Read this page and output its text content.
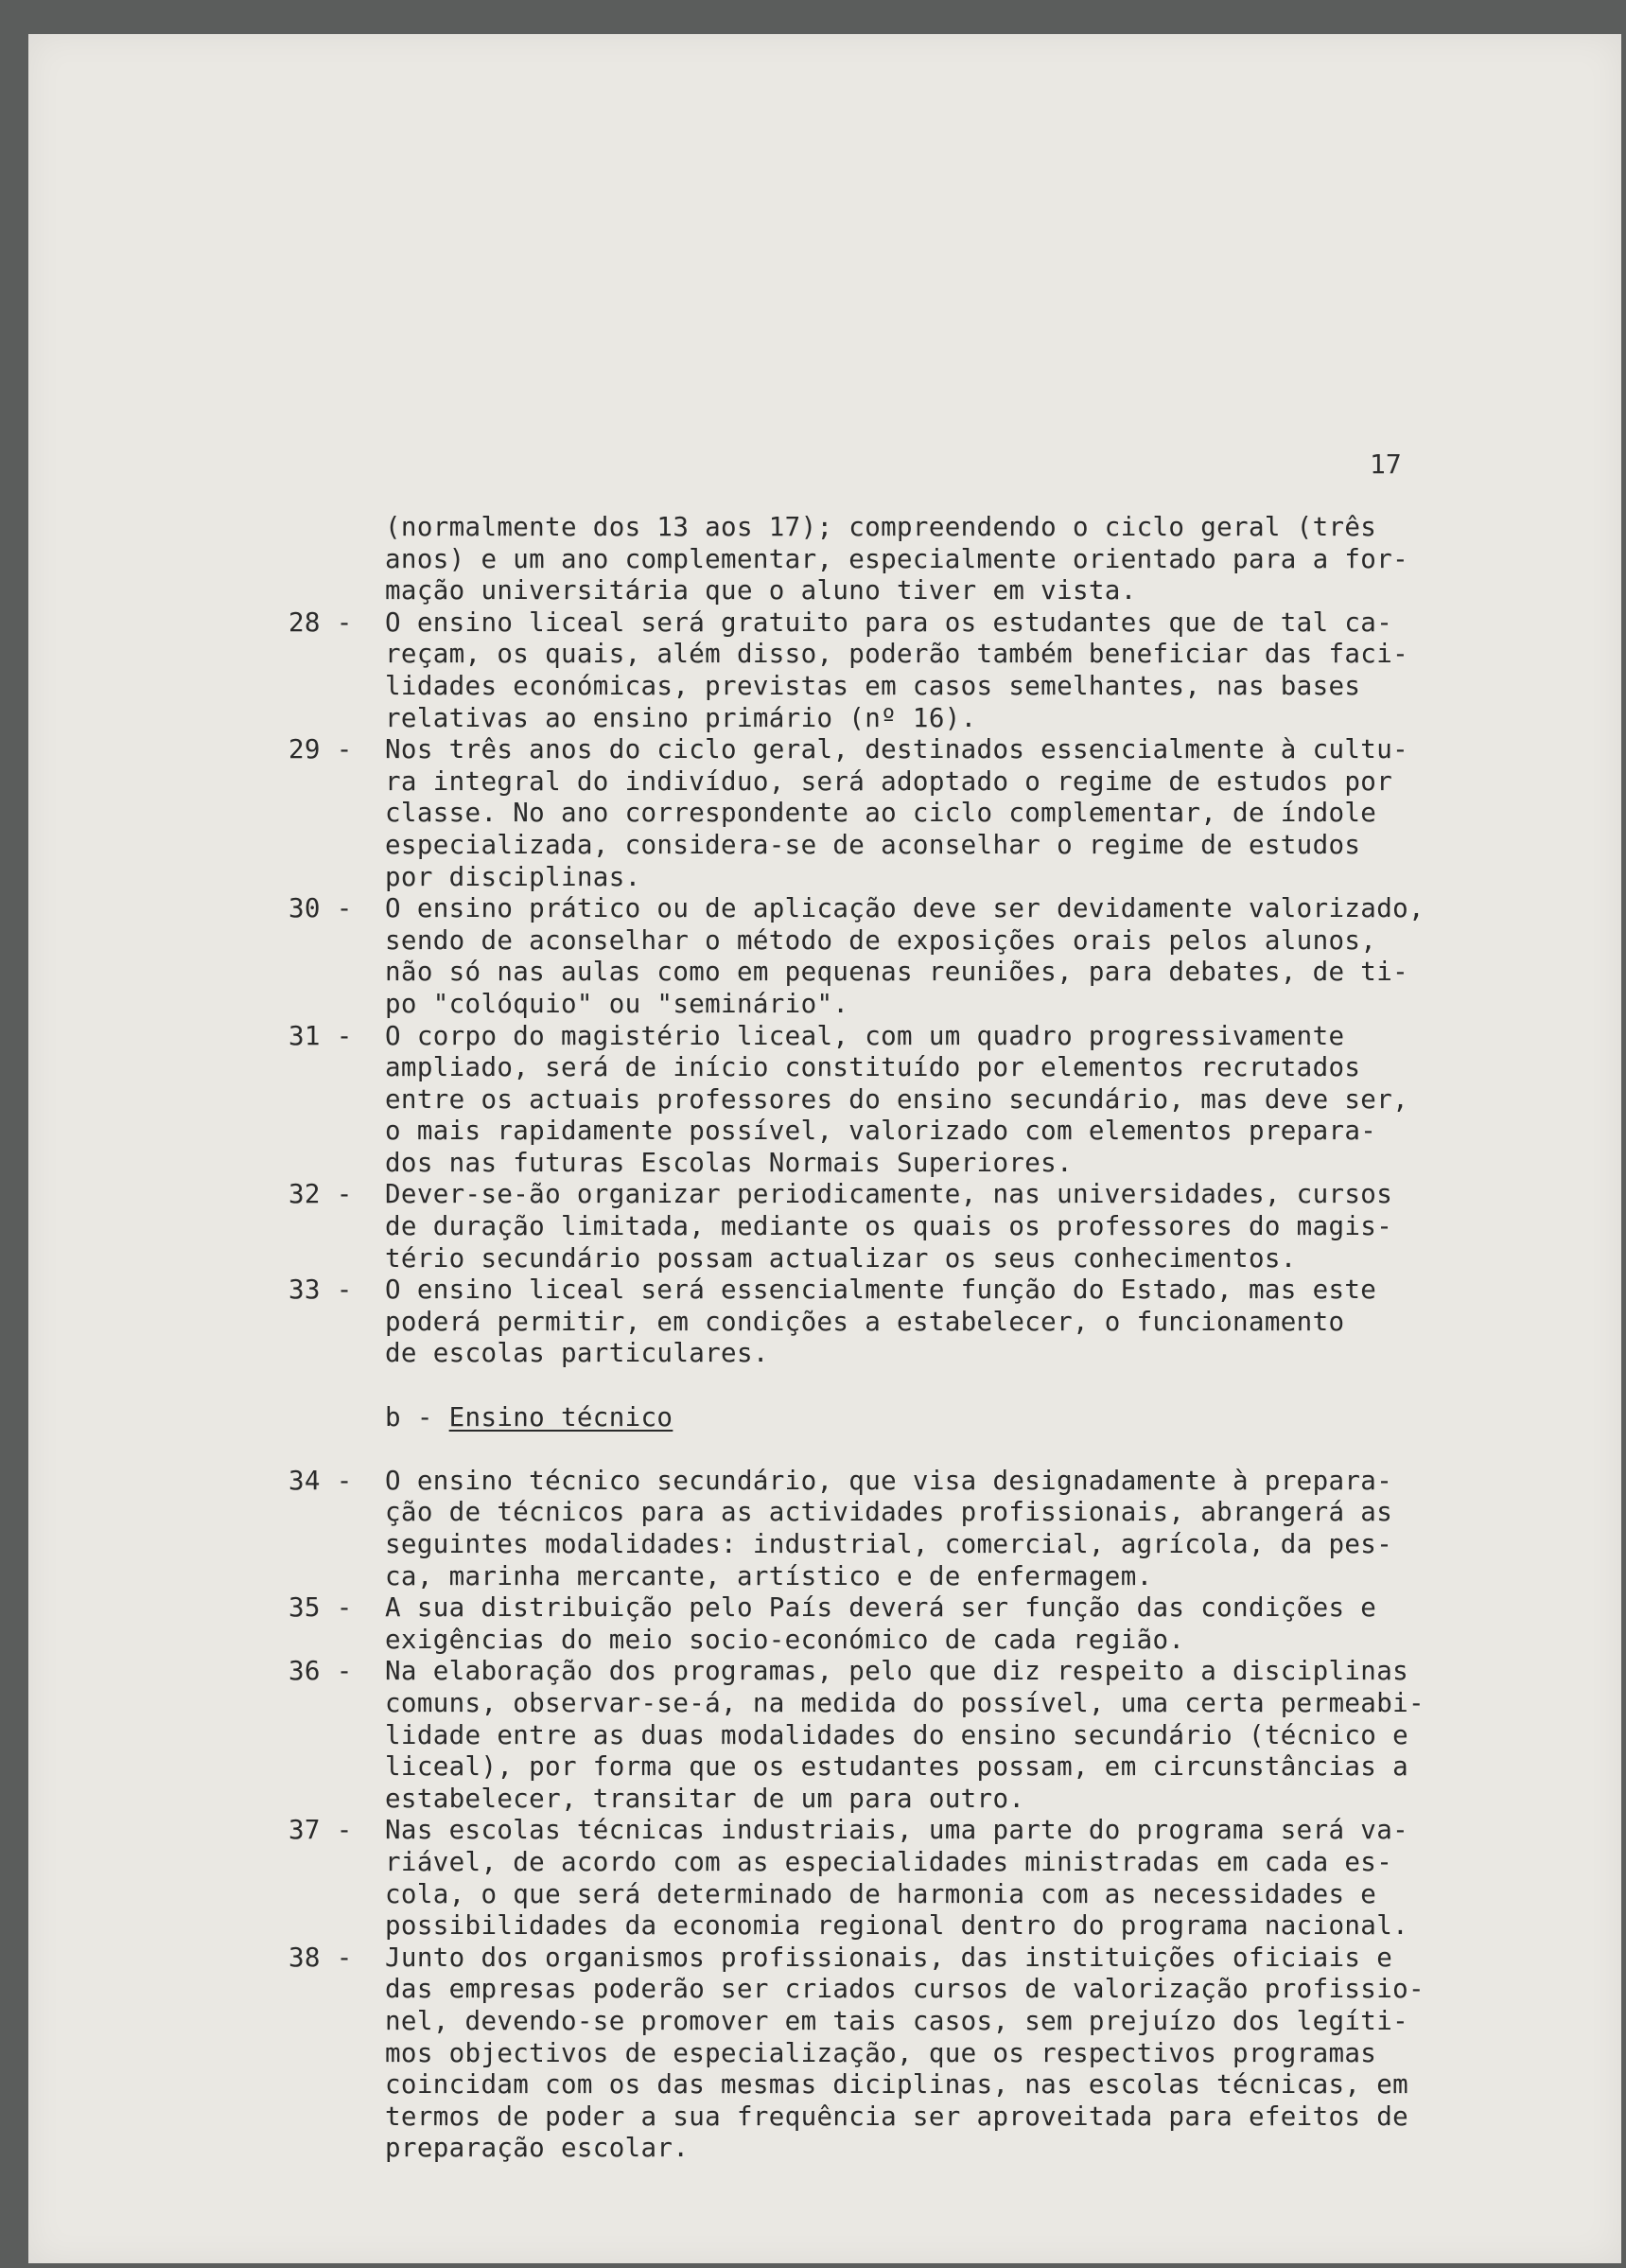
17
(normalmente dos 13 aos 17); compreendendo o ciclo geral (três
anos) e um ano complementar, especialmente orientado para a for-
mação universitária que o aluno tiver em vista.
28 -	O ensino liceal será gratuito para os estudantes que de tal ca-
reçam, os quais, além disso, poderão também beneficiar das faci-
lidades económicas, previstas em casos semelhantes, nas bases
relativas ao ensino primário (nº 16).
29 -	Nos três anos do ciclo geral, destinados essencialmente à cultu-
ra integral do indivíduo, será adoptado o regime de estudos por
classe. No ano correspondente ao ciclo complementar, de índole
especializada, considera-se de aconselhar o regime de estudos
por disciplinas.
30 -	O ensino prático ou de aplicação deve ser devidamente valorizado,
sendo de aconselhar o método de exposições orais pelos alunos,
não só nas aulas como em pequenas reuniões, para debates, de ti-
po "colóquio" ou "seminário".
31 -	O corpo do magistério liceal, com um quadro progressivamente
ampliado, será de início constituído por elementos recrutados
entre os actuais professores do ensino secundário, mas deve ser,
o mais rapidamente possível, valorizado com elementos prepara-
dos nas futuras Escolas Normais Superiores.
32 -	Dever-se-ão organizar periodicamente, nas universidades, cursos
de duração limitada, mediante os quais os professores do magis-
tério secundário possam actualizar os seus conhecimentos.
33 -	O ensino liceal será essencialmente função do Estado, mas este
poderá permitir, em condições a estabelecer, o funcionamento
de escolas particulares.
b - Ensino técnico
34 -	O ensino técnico secundário, que visa designadamente à prepara-
ção de técnicos para as actividades profissionais, abrangerá as
seguintes modalidades: industrial, comercial, agrícola, da pes-
ca, marinha mercante, artístico e de enfermagem.
35 -	A sua distribuição pelo País deverá ser função das condições e
exigências do meio socio-económico de cada região.
36 -	Na elaboração dos programas, pelo que diz respeito a disciplinas
comuns, observar-se-á, na medida do possível, uma certa permeabi-
lidade entre as duas modalidades do ensino secundário (técnico e
liceal), por forma que os estudantes possam, em circunstâncias a
estabelecer, transitar de um para outro.
37 -	Nas escolas técnicas industriais, uma parte do programa será va-
riável, de acordo com as especialidades ministradas em cada es-
cola, o que será determinado de harmonia com as necessidades e
possibilidades da economia regional dentro do programa nacional.
38 -	Junto dos organismos profissionais, das instituições oficiais e
das empresas poderão ser criados cursos de valorização profissio-
nel, devendo-se promover em tais casos, sem prejuízo dos legíti-
mos objectivos de especialização, que os respectivos programas
coincidam com os das mesmas diciplinas, nas escolas técnicas, em
termos de poder a sua frequência ser aproveitada para efeitos de
preparação escolar.
